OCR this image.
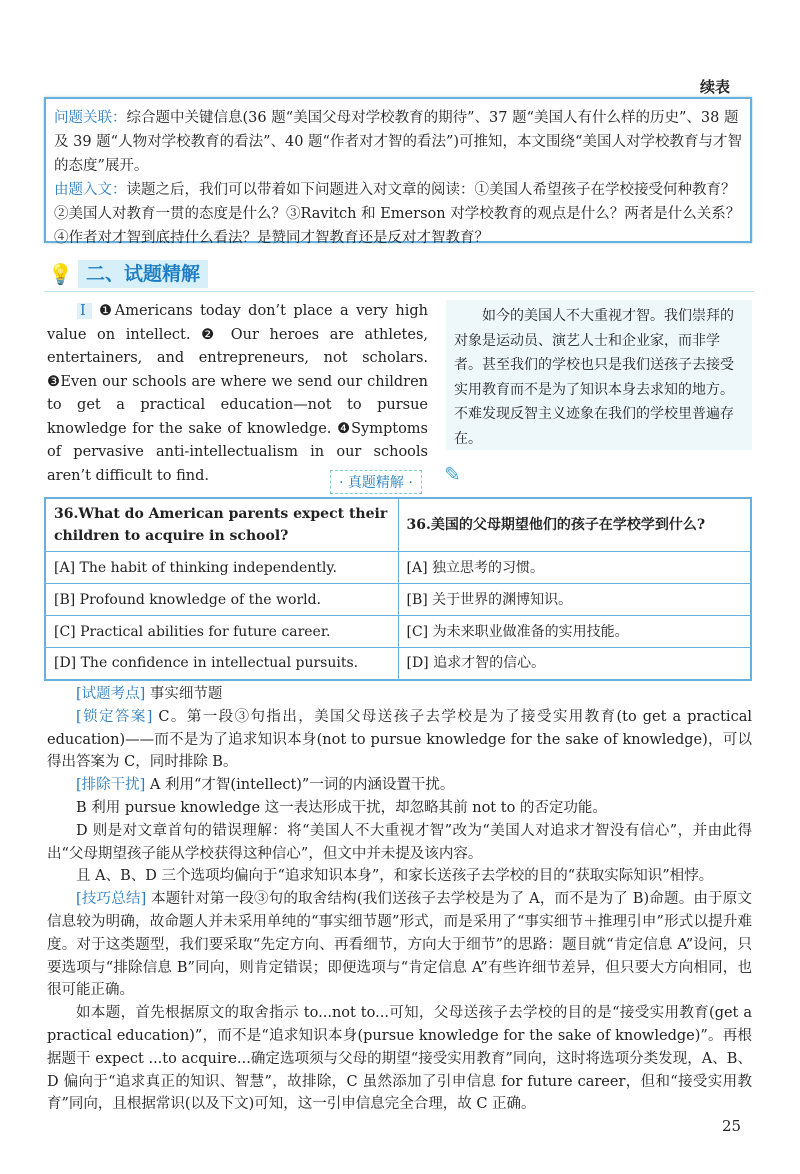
续表
问题关联：综合题中关键信息(36 题“美国父母对学校教育的期待”、37 题“美国人有什么样的历史”、38 题及 39 题“人物对学校教育的看法”、40 题“作者对才智的看法”)可推知，本文围绕“美国人对学校教育与才智的态度”展开。
由题入文：读题之后，我们可以带着如下问题进入对文章的阅读：①美国人希望孩子在学校接受何种教育？②美国人对教育一贯的态度是什么？③Ravitch 和 Emerson 对学校教育的观点是什么？两者是什么关系？④作者对才智到底持什么看法？是赞同才智教育还是反对才智教育？
💡 二、试题精解
Ⅰ ❶Americans today don’t place a very high value on intellect. ❷ Our heroes are athletes, entertainers, and entrepreneurs, not scholars. ❸Even our schools are where we send our children to get a practical education—not to pursue knowledge for the sake of knowledge. ❹Symptoms of pervasive anti-intellectualism in our schools aren’t difficult to find.
如今的美国人不大重视才智。我们崇拜的对象是运动员、演艺人士和企业家，而非学者。甚至我们的学校也只是我们送孩子去接受实用教育而不是为了知识本身去求知的地方。不难发现反智主义迹象在我们的学校里普遍存在。
· 真题精解 ·	✎
36.What do American parents expect their children to acquire in school?	36.美国的父母期望他们的孩子在学校学到什么?
[A] The habit of thinking independently.	[A] 独立思考的习惯。
[B] Profound knowledge of the world.	[B] 关于世界的渊博知识。
[C] Practical abilities for future career.	[C] 为未来职业做准备的实用技能。
[D] The confidence in intellectual pursuits.	[D] 追求才智的信心。

[试题考点] 事实细节题

[锁定答案] C。第一段③句指出，美国父母送孩子去学校是为了接受实用教育(to get a practical education)——而不是为了追求知识本身(not to pursue knowledge for the sake of knowledge)，可以得出答案为 C，同时排除 B。

[排除干扰] A 利用“才智(intellect)”一词的内涵设置干扰。

B 利用 pursue knowledge 这一表达形成干扰，却忽略其前 not to 的否定功能。

D 则是对文章首句的错误理解：将“美国人不大重视才智”改为“美国人对追求才智没有信心”，并由此得出“父母期望孩子能从学校获得这种信心”，但文中并未提及该内容。

且 A、B、D 三个选项均偏向于“追求知识本身”，和家长送孩子去学校的目的“获取实际知识”相悖。

[技巧总结] 本题针对第一段③句的取舍结构(我们送孩子去学校是为了 A，而不是为了 B)命题。由于原文信息较为明确，故命题人并未采用单纯的“事实细节题”形式，而是采用了“事实细节＋推理引申”形式以提升难度。对于这类题型，我们要采取“先定方向、再看细节，方向大于细节”的思路：题目就“肯定信息 A”设问，只要选项与“排除信息 B”同向，则肯定错误；即便选项与“肯定信息 A”有些许细节差异，但只要大方向相同，也很可能正确。

如本题，首先根据原文的取舍指示 to...not to...可知，父母送孩子去学校的目的是“接受实用教育(get a practical education)”，而不是“追求知识本身(pursue knowledge for the sake of knowledge)”。再根据题干 expect ...to acquire...确定选项须与父母的期望“接受实用教育”同向，这时将选项分类发现，A、B、D 偏向于“追求真正的知识、智慧”，故排除，C 虽然添加了引申信息 for future career，但和“接受实用教育”同向，且根据常识(以及下文)可知，这一引申信息完全合理，故 C 正确。

25
